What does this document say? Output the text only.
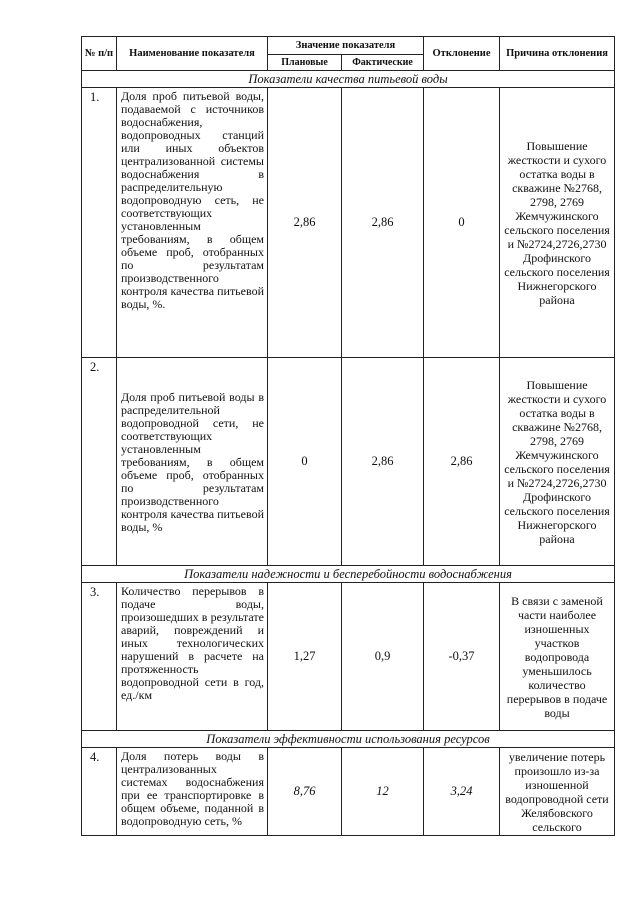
№ п/п	Наименование показателя	Значение показателя		Отклонение	Причина отклонения
		Плановые	Фактические		
Показатели качества питьевой воды					
1.	Доля проб питьевой воды, подаваемой с источников водоснабжения, водопроводных станций или иных объектов централизованной системы водоснабжения в распределительную водопроводную сеть, не соответствующих установленным требованиям, в общем объеме проб, отобранных по результатам производственного контроля качества питьевой воды, %.	2,86	2,86	0	Повышение жесткости и сухого остатка воды в скважине №2768, 2798, 2769 Жемчужинского сельского поселения и №2724,2726,2730 Дрофинского сельского поселения Нижнегорского района
2.	Доля проб питьевой воды в распределительной водопроводной сети, не соответствующих установленным требованиям, в общем объеме проб, отобранных по результатам производственного контроля качества питьевой воды, %	0	2,86	2,86	Повышение жесткости и сухого остатка воды в скважине №2768, 2798, 2769 Жемчужинского сельского поселения и №2724,2726,2730 Дрофинского сельского поселения Нижнегорского района
Показатели надежности и бесперебойности водоснабжения					
3.	Количество перерывов в подаче воды, произошедших в результате аварий, повреждений и иных технологических нарушений в расчете на протяженность водопроводной сети в год, ед./км	1,27	0,9	-0,37	В связи с заменой части наиболее изношенных участков водопровода уменьшилось количество перерывов в подаче воды
Показатели эффективности использования ресурсов					
4.	Доля потерь воды в централизованных системах водоснабжения при ее транспортировке в общем объеме, поданной в водопроводную сеть, %	8,76	12	3,24	увеличение потерь произошло из-за изношенной водопроводной сети Желябовского сельского
